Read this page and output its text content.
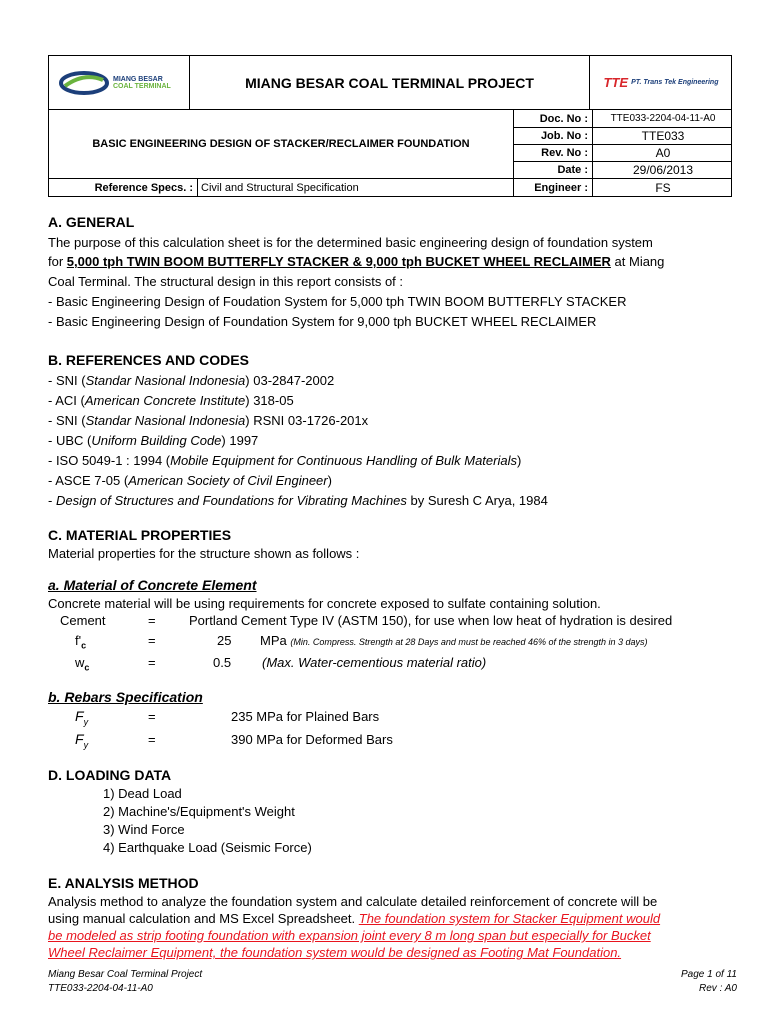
MIANG BESAR
COAL TERMINAL	MIANG BESAR COAL TERMINAL PROJECT	TTE PT. Trans Tek Engineering
BASIC ENGINEERING DESIGN OF STACKER/RECLAIMER FOUNDATION
Doc. No :	TTE033-2204-04-11-A0
Job. No :	TTE033
Rev. No :	A0
Date :	29/06/2013
Reference Specs. : Civil and Structural Specification	Engineer :	FS
A. GENERAL
The purpose of this calculation sheet is for the determined basic engineering design of foundation system
for 5,000 tph TWIN BOOM BUTTERFLY STACKER & 9,000 tph BUCKET WHEEL RECLAIMER at Miang
Coal Terminal. The structural design in this report consists of :
- Basic Engineering Design of Foudation System for 5,000 tph TWIN BOOM BUTTERFLY STACKER
- Basic Engineering Design of Foundation System for 9,000 tph BUCKET WHEEL RECLAIMER
B. REFERENCES AND CODES
- SNI (Standar Nasional Indonesia) 03-2847-2002
- ACI (American Concrete Institute) 318-05
- SNI (Standar Nasional Indonesia) RSNI 03-1726-201x
- UBC (Uniform Building Code) 1997
- ISO 5049-1 : 1994 (Mobile Equipment for Continuous Handling of Bulk Materials)
- ASCE 7-05 (American Society of Civil Engineer)
- Design of Structures and Foundations for Vibrating Machines by Suresh C Arya, 1984
C. MATERIAL PROPERTIES
Material properties for the structure shown as follows :
a. Material of Concrete Element
Concrete material will be using requirements for concrete exposed to sulfate containing solution.
Cement	=	Portland Cement Type IV (ASTM 150), for use when low heat of hydration is desired
$f'_c$	=	25 MPa (Min. Compress. Strength at 28 Days and must be reached 46% of the strength in 3 days)
$w_c$	=	0.5 (Max. Water-cementious material ratio)
b. Rebars Specification
$F_y$	=	235 MPa for Plained Bars
$F_y$	=	390 MPa for Deformed Bars
D. LOADING DATA
1) Dead Load
2) Machine's/Equipment's Weight
3) Wind Force
4) Earthquake Load (Seismic Force)
E. ANALYSIS METHOD
Analysis method to analyze the foundation system and calculate detailed reinforcement of concrete will be
using manual calculation and MS Excel Spreadsheet. The foundation system for Stacker Equipment would
be modeled as strip footing foundation with expansion joint every 8 m long span but especially for Bucket
Wheel Reclaimer Equipment, the foundation system would be designed as Footing Mat Foundation.
Miang Besar Coal Terminal Project
TTE033-2204-04-11-A0
Page 1 of 11
Rev : A0
